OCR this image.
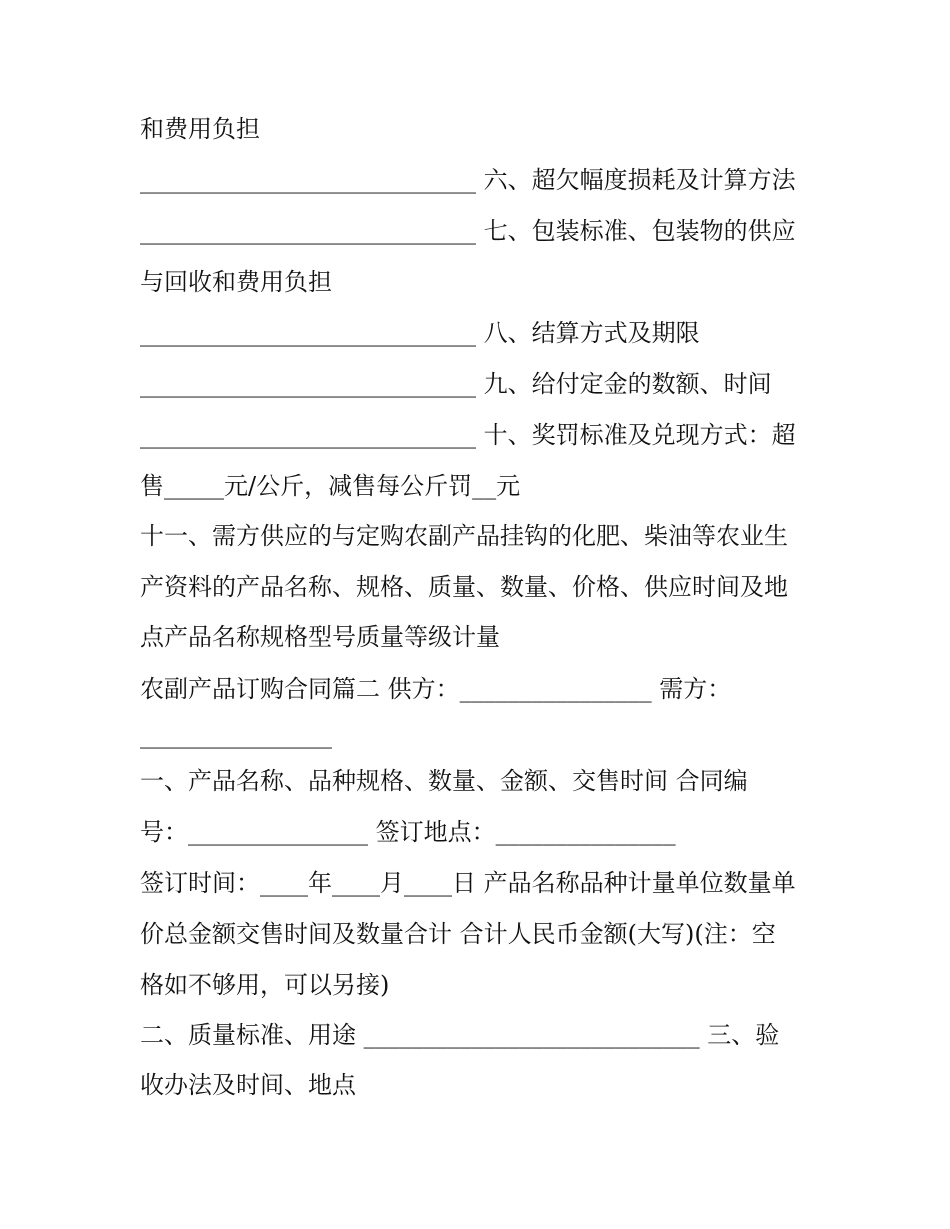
和费用负担
____________________________ 六、超欠幅度损耗及计算方法
____________________________ 七、包装标准、包装物的供应
与回收和费用负担
____________________________ 八、结算方式及期限
____________________________ 九、给付定金的数额、时间
____________________________ 十、奖罚标准及兑现方式：超
售_____元/公斤，减售每公斤罚__元
十一、需方供应的与定购农副产品挂钩的化肥、柴油等农业生
产资料的产品名称、规格、质量、数量、价格、供应时间及地
点产品名称规格型号质量等级计量
农副产品订购合同篇二 供方：________________ 需方：
________________
一、产品名称、品种规格、数量、金额、交售时间 合同编
号：_______________ 签订地点：_______________
签订时间：____年____月____日 产品名称品种计量单位数量单
价总金额交售时间及数量合计 合计人民币金额(大写)(注：空
格如不够用，可以另接)
二、质量标准、用途 ____________________________ 三、验
收办法及时间、地点
